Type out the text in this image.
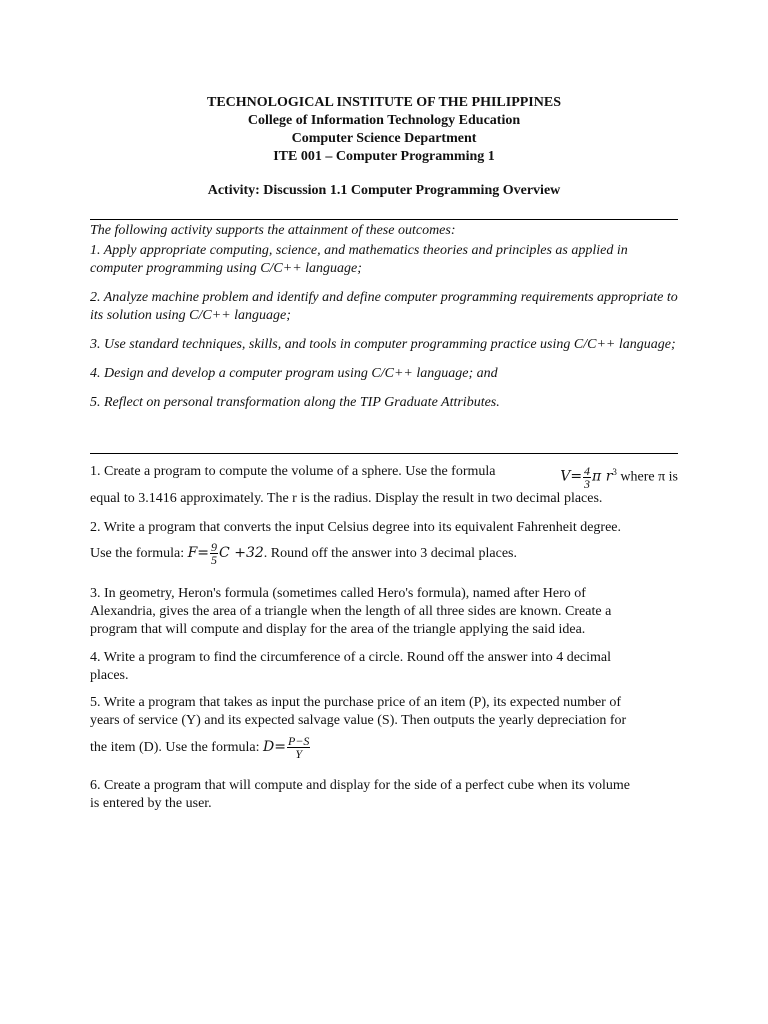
TECHNOLOGICAL INSTITUTE OF THE PHILIPPINES
College of Information Technology Education
Computer Science Department
ITE 001 – Computer Programming 1
Activity: Discussion 1.1 Computer Programming Overview

The following activity supports the attainment of these outcomes:

1. Apply appropriate computing, science, and mathematics theories and principles as applied in computer programming using C/C++ language;

2. Analyze machine problem and identify and define computer programming requirements appropriate to its solution using C/C++ language;

3. Use standard techniques, skills, and tools in computer programming practice using C/C++ language;

4. Design and develop a computer program using C/C++ language; and

5. Reflect on personal transformation along the TIP Graduate Attributes.

1. Create a program to compute the volume of a sphere. Use the formula	$V= \frac{4}{3}$ π $r^3$ where π is
equal to 3.1416 approximately. The r is the radius. Display the result in two decimal places.
2. Write a program that converts the input Celsius degree into its equivalent Fahrenheit degree.
Use the formula: $F= \frac{9}{5}$ C +32. Round off the answer into 3 decimal places.
3. In geometry, Heron's formula (sometimes called Hero's formula), named after Hero of
Alexandria, gives the area of a triangle when the length of all three sides are known. Create a
program that will compute and display for the area of the triangle applying the said idea.
4. Write a program to find the circumference of a circle. Round off the answer into 4 decimal
places.
5. Write a program that takes as input the purchase price of an item (P), its expected number of
years of service (Y) and its expected salvage value (S). Then outputs the yearly depreciation for
the item (D). Use the formula: $D= \frac{P-S}{Y}$
6. Create a program that will compute and display for the side of a perfect cube when its volume
is entered by the user.
